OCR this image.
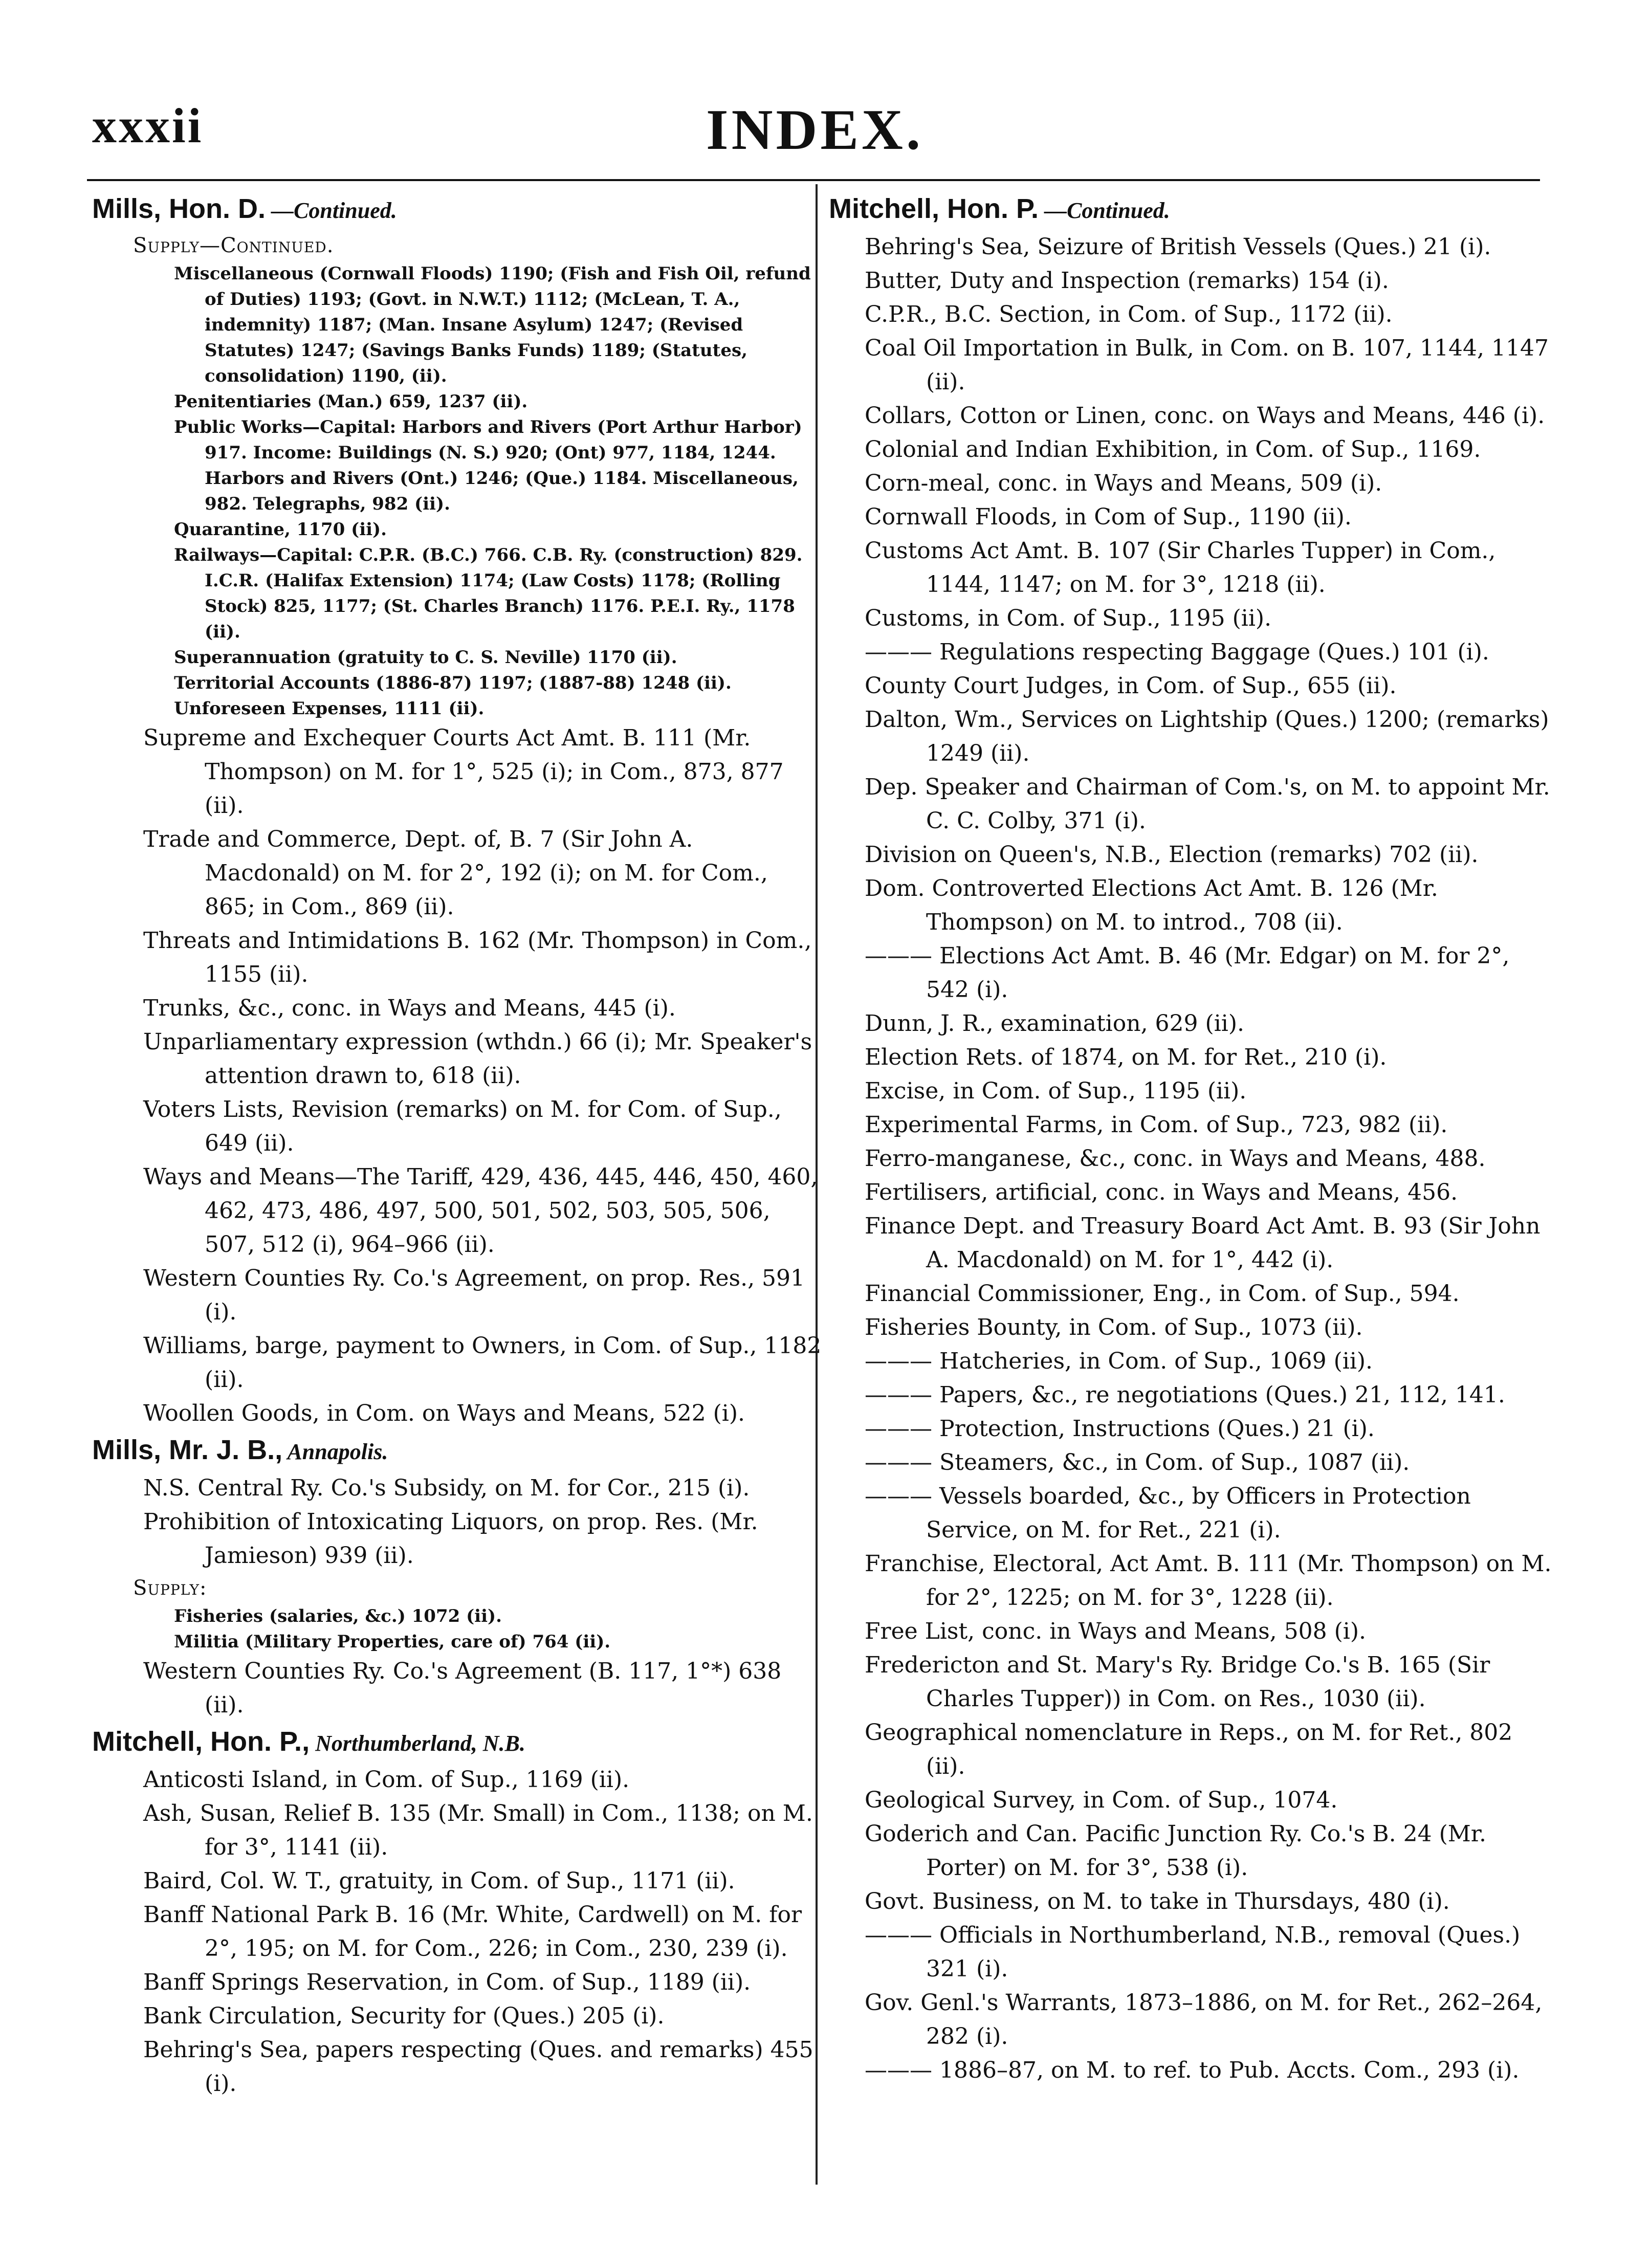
xxxii	INDEX.
Mills, Hon. D. —Continued.
Supply—Continued.
Miscellaneous (Cornwall Floods) 1190; (Fish and Fish Oil, refund of Duties) 1193; (Govt. in N.W.T.) 1112; (McLean, T. A., indemnity) 1187; (Man. Insane Asylum) 1247; (Revised Statutes) 1247; (Savings Banks Funds) 1189; (Statutes, consolidation) 1190, (ii).
Penitentiaries (Man.) 659, 1237 (ii).
Public Works—Capital: Harbors and Rivers (Port Arthur Harbor) 917. Income: Buildings (N. S.) 920; (Ont) 977, 1184, 1244. Harbors and Rivers (Ont.) 1246; (Que.) 1184. Miscellaneous, 982. Telegraphs, 982 (ii).
Quarantine, 1170 (ii).
Railways—Capital: C.P.R. (B.C.) 766. C.B. Ry. (construction) 829. I.C.R. (Halifax Extension) 1174; (Law Costs) 1178; (Rolling Stock) 825, 1177; (St. Charles Branch) 1176. P.E.I. Ry., 1178 (ii).
Superannuation (gratuity to C. S. Neville) 1170 (ii).
Territorial Accounts (1886-87) 1197; (1887-88) 1248 (ii).
Unforeseen Expenses, 1111 (ii).
Supreme and Exchequer Courts Act Amt. B. 111 (Mr. Thompson) on M. for 1°, 525 (i); in Com., 873, 877 (ii).
Trade and Commerce, Dept. of, B. 7 (Sir John A. Macdonald) on M. for 2°, 192 (i); on M. for Com., 865; in Com., 869 (ii).
Threats and Intimidations B. 162 (Mr. Thompson) in Com., 1155 (ii).
Trunks, &c., conc. in Ways and Means, 445 (i).
Unparliamentary expression (wthdn.) 66 (i); Mr. Speaker's attention drawn to, 618 (ii).
Voters Lists, Revision (remarks) on M. for Com. of Sup., 649 (ii).
Ways and Means—The Tariff, 429, 436, 445, 446, 450, 460, 462, 473, 486, 497, 500, 501, 502, 503, 505, 506, 507, 512 (i), 964–966 (ii).
Western Counties Ry. Co.'s Agreement, on prop. Res., 591 (i).
Williams, barge, payment to Owners, in Com. of Sup., 1182 (ii).
Woollen Goods, in Com. on Ways and Means, 522 (i).
Mills, Mr. J. B., Annapolis.
N.S. Central Ry. Co.'s Subsidy, on M. for Cor., 215 (i).
Prohibition of Intoxicating Liquors, on prop. Res. (Mr. Jamieson) 939 (ii).
Supply:
Fisheries (salaries, &c.) 1072 (ii).
Militia (Military Properties, care of) 764 (ii).
Western Counties Ry. Co.'s Agreement (B. 117, 1°*) 638 (ii).
Mitchell, Hon. P., Northumberland, N.B.
Anticosti Island, in Com. of Sup., 1169 (ii).
Ash, Susan, Relief B. 135 (Mr. Small) in Com., 1138; on M. for 3°, 1141 (ii).
Baird, Col. W. T., gratuity, in Com. of Sup., 1171 (ii).
Banff National Park B. 16 (Mr. White, Cardwell) on M. for 2°, 195; on M. for Com., 226; in Com., 230, 239 (i).
Banff Springs Reservation, in Com. of Sup., 1189 (ii).
Bank Circulation, Security for (Ques.) 205 (i).
Behring's Sea, papers respecting (Ques. and remarks) 455 (i).
Mitchell, Hon. P. —Continued.
Behring's Sea, Seizure of British Vessels (Ques.) 21 (i).
Butter, Duty and Inspection (remarks) 154 (i).
C.P.R., B.C. Section, in Com. of Sup., 1172 (ii).
Coal Oil Importation in Bulk, in Com. on B. 107, 1144, 1147 (ii).
Collars, Cotton or Linen, conc. on Ways and Means, 446 (i).
Colonial and Indian Exhibition, in Com. of Sup., 1169.
Corn-meal, conc. in Ways and Means, 509 (i).
Cornwall Floods, in Com of Sup., 1190 (ii).
Customs Act Amt. B. 107 (Sir Charles Tupper) in Com., 1144, 1147; on M. for 3°, 1218 (ii).
Customs, in Com. of Sup., 1195 (ii).
——— Regulations respecting Baggage (Ques.) 101 (i).
County Court Judges, in Com. of Sup., 655 (ii).
Dalton, Wm., Services on Lightship (Ques.) 1200; (remarks) 1249 (ii).
Dep. Speaker and Chairman of Com.'s, on M. to appoint Mr. C. C. Colby, 371 (i).
Division on Queen's, N.B., Election (remarks) 702 (ii).
Dom. Controverted Elections Act Amt. B. 126 (Mr. Thompson) on M. to introd., 708 (ii).
——— Elections Act Amt. B. 46 (Mr. Edgar) on M. for 2°, 542 (i).
Dunn, J. R., examination, 629 (ii).
Election Rets. of 1874, on M. for Ret., 210 (i).
Excise, in Com. of Sup., 1195 (ii).
Experimental Farms, in Com. of Sup., 723, 982 (ii).
Ferro-manganese, &c., conc. in Ways and Means, 488.
Fertilisers, artificial, conc. in Ways and Means, 456.
Finance Dept. and Treasury Board Act Amt. B. 93 (Sir John A. Macdonald) on M. for 1°, 442 (i).
Financial Commissioner, Eng., in Com. of Sup., 594.
Fisheries Bounty, in Com. of Sup., 1073 (ii).
——— Hatcheries, in Com. of Sup., 1069 (ii).
——— Papers, &c., re negotiations (Ques.) 21, 112, 141.
——— Protection, Instructions (Ques.) 21 (i).
——— Steamers, &c., in Com. of Sup., 1087 (ii).
——— Vessels boarded, &c., by Officers in Protection Service, on M. for Ret., 221 (i).
Franchise, Electoral, Act Amt. B. 111 (Mr. Thompson) on M. for 2°, 1225; on M. for 3°, 1228 (ii).
Free List, conc. in Ways and Means, 508 (i).
Fredericton and St. Mary's Ry. Bridge Co.'s B. 165 (Sir Charles Tupper)) in Com. on Res., 1030 (ii).
Geographical nomenclature in Reps., on M. for Ret., 802 (ii).
Geological Survey, in Com. of Sup., 1074.
Goderich and Can. Pacific Junction Ry. Co.'s B. 24 (Mr. Porter) on M. for 3°, 538 (i).
Govt. Business, on M. to take in Thursdays, 480 (i).
——— Officials in Northumberland, N.B., removal (Ques.) 321 (i).
Gov. Genl.'s Warrants, 1873–1886, on M. for Ret., 262–264, 282 (i).
——— 1886–87, on M. to ref. to Pub. Accts. Com., 293 (i).
